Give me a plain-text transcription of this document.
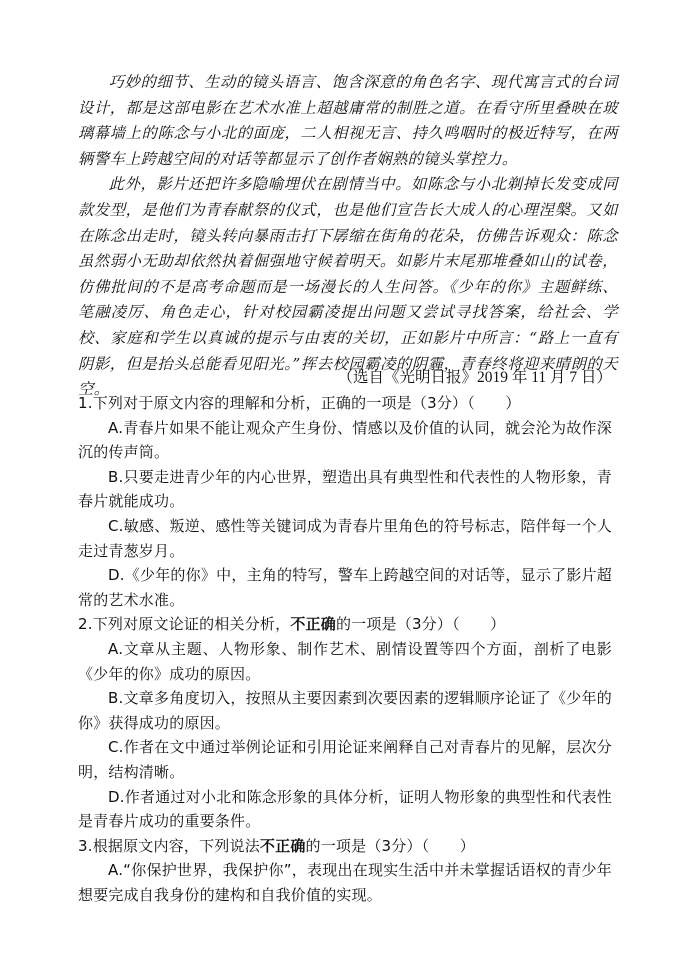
巧妙的细节、生动的镜头语言、饱含深意的角色名字、现代寓言式的台词设计，都是这部电影在艺术水准上超越庸常的制胜之道。在看守所里叠映在玻璃幕墙上的陈念与小北的面庞，二人相视无言、持久鸣咽时的极近特写，在两辆警车上跨越空间的对话等都显示了创作者娴熟的镜头掌控力。

此外，影片还把许多隐喻埋伏在剧情当中。如陈念与小北剃掉长发变成同款发型，是他们为青春献祭的仪式，也是他们宣告长大成人的心理涅槃。又如在陈念出走时，镜头转向暴雨击打下孱缩在街角的花朵，仿佛告诉观众：陈念虽然弱小无助却依然执着倔强地守候着明天。如影片末尾那堆叠如山的试卷，仿佛批间的不是高考命题而是一场漫长的人生问答。《少年的你》主题鲜练、笔融凌厉、角色走心，针对校园霸凌提出问题又尝试寻找答案，给社会、学校、家庭和学生以真诚的提示与由衷的关切，正如影片中所言：“路上一直有阴影，但是抬头总能看见阳光。”挥去校园霸凌的阴霾，青春终将迎来晴朗的天空。

（选自《光明日报》2019 年 11 月 7 日）

1.下列对于原文内容的理解和分析，正确的一项是（3分）（　　）

A.青春片如果不能让观众产生身份、情感以及价值的认同，就会沦为故作深沉的传声筒。

B.只要走进青少年的内心世界，塑造出具有典型性和代表性的人物形象，青春片就能成功。

C.敏感、叛逆、感性等关键词成为青春片里角色的符号标志，陪伴每一个人走过青葱岁月。

D.《少年的你》中，主角的特写，警车上跨越空间的对话等，显示了影片超常的艺术水准。

2.下列对原文论证的相关分析，不正确的一项是（3分）（　　）

A.文章从主题、人物形象、制作艺术、剧情设置等四个方面，剖析了电影《少年的你》成功的原因。

B.文章多角度切入，按照从主要因素到次要因素的逻辑顺序论证了《少年的你》获得成功的原因。

C.作者在文中通过举例论证和引用论证来阐释自己对青春片的见解，层次分明，结构清晰。

D.作者通过对小北和陈念形象的具体分析，证明人物形象的典型性和代表性是青春片成功的重要条件。

3.根据原文内容，下列说法不正确的一项是（3分）（　　）

A.“你保护世界，我保护你”，表现出在现实生活中并未掌握话语权的青少年想要完成自我身份的建构和自我价值的实现。
